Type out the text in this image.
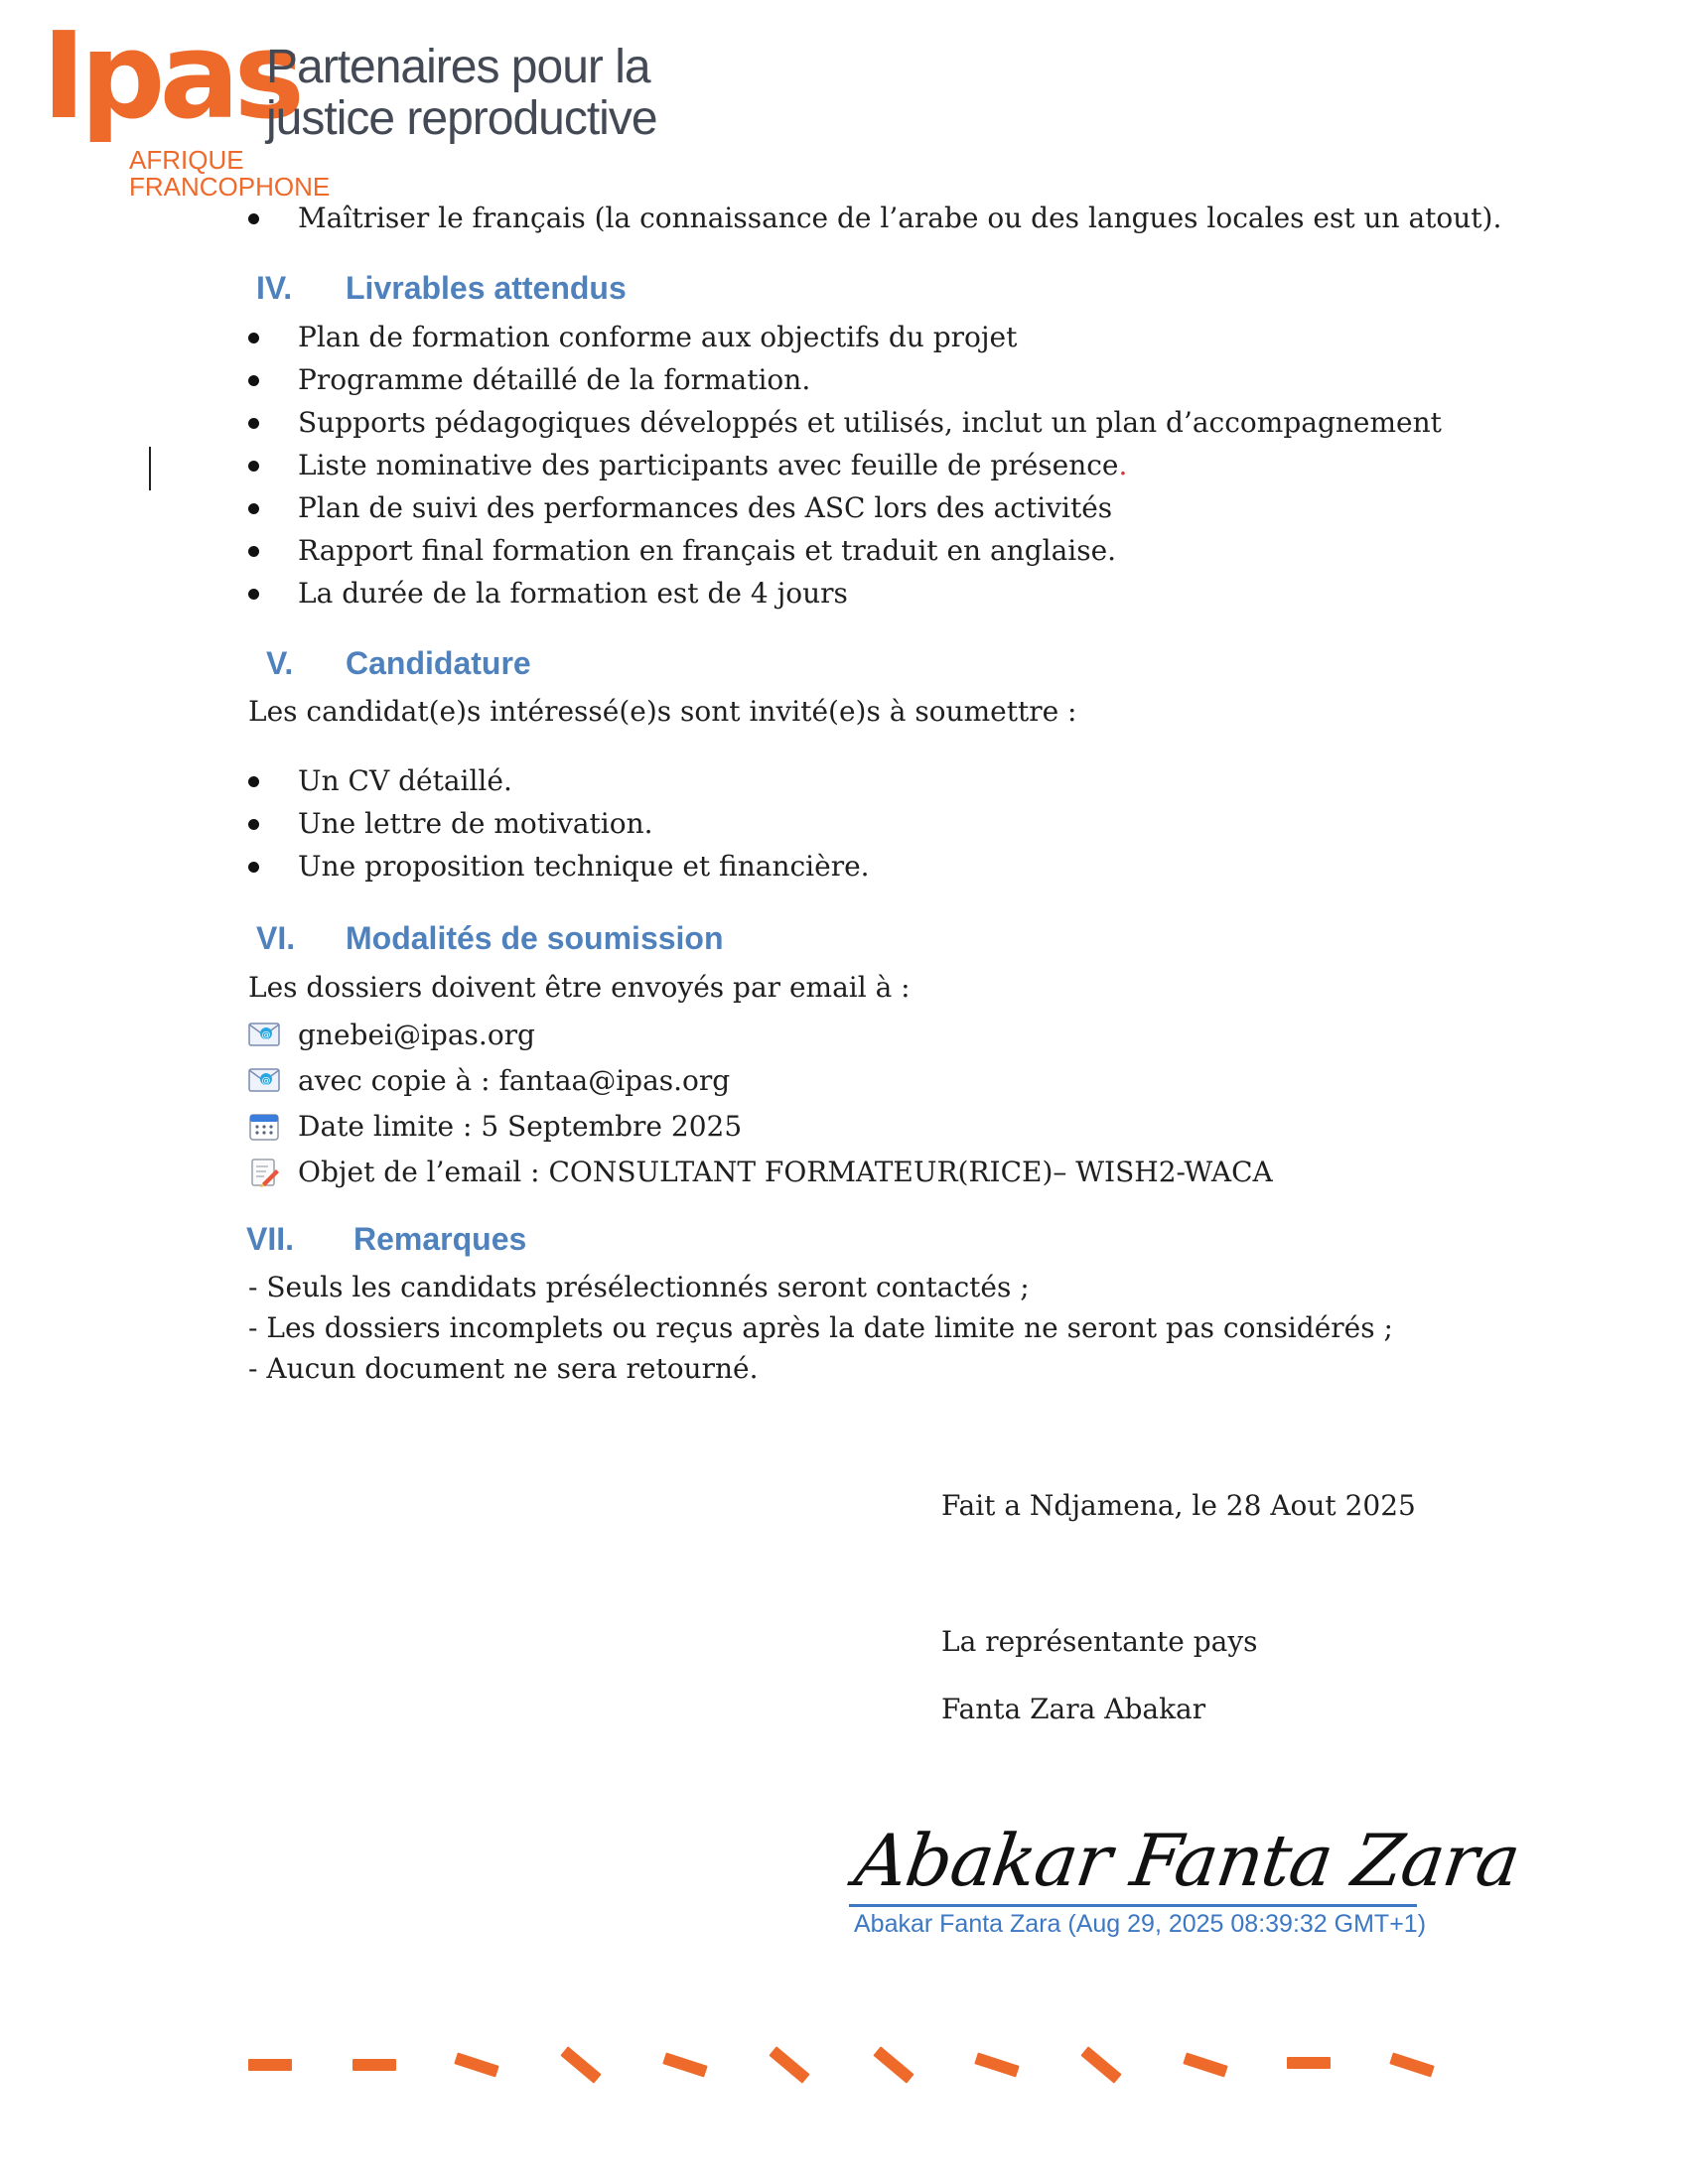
Ipas
AFRIQUE
FRANCOPHONE
Partenaires pour la
justice reproductive
Maîtriser le français (la connaissance de l’arabe ou des langues locales est un atout).
IV. Livrables attendus
Plan de formation conforme aux objectifs du projet
Programme détaillé de la formation.
Supports pédagogiques développés et utilisés, inclut un plan d’accompagnement
Liste nominative des participants avec feuille de présence.
Plan de suivi des performances des ASC lors des activités
Rapport final formation en français et traduit en anglaise.
La durée de la formation est de 4 jours
V. Candidature
Les candidat(e)s intéressé(e)s sont invité(e)s à soumettre :
Un CV détaillé.
Une lettre de motivation.
Une proposition technique et financière.
VI. Modalités de soumission
Les dossiers doivent être envoyés par email à :
@ gnebei@ipas.org
@ avec copie à : fantaa@ipas.org
Date limite : 5 Septembre 2025
Objet de l’email : CONSULTANT FORMATEUR(RICE)– WISH2-WACA
VII. Remarques
- Seuls les candidats présélectionnés seront contactés ;
- Les dossiers incomplets ou reçus après la date limite ne seront pas considérés ;
- Aucun document ne sera retourné.
Fait a Ndjamena, le 28 Aout 2025
La représentante pays
Fanta Zara Abakar
Abakar Fanta Zara
Abakar Fanta Zara (Aug 29, 2025 08:39:32 GMT+1)
